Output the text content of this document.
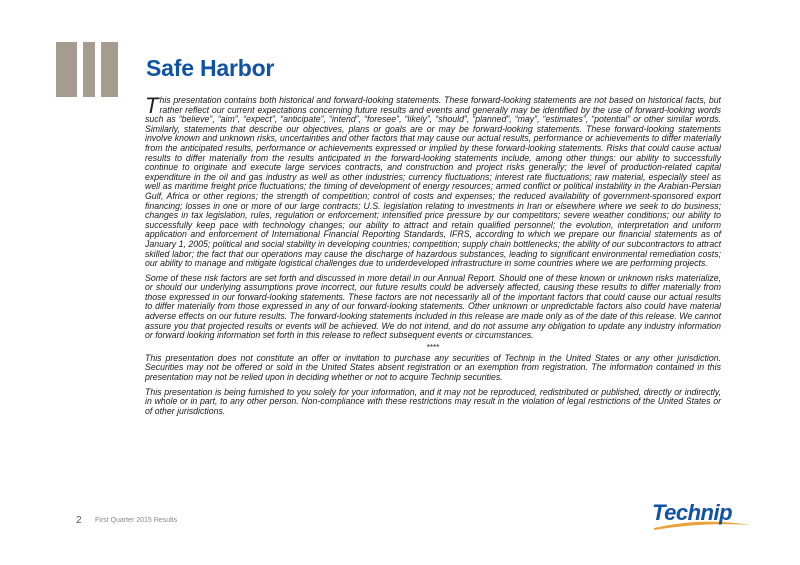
Safe Harbor

This presentation contains both historical and forward-looking statements. These forward-looking statements are not based on historical facts, but rather reflect our current expectations concerning future results and events and generally may be identified by the use of forward-looking words such as “believe”, “aim”, “expect”, “anticipate”, “intend”, “foresee”, “likely”, “should”, “planned”, “may”, “estimates”, “potential” or other similar words. Similarly, statements that describe our objectives, plans or goals are or may be forward-looking statements. These forward-looking statements involve known and unknown risks, uncertainties and other factors that may cause our actual results, performance or achievements to differ materially from the anticipated results, performance or achievements expressed or implied by these forward-looking statements. Risks that could cause actual results to differ materially from the results anticipated in the forward-looking statements include, among other things: our ability to successfully continue to originate and execute large services contracts, and construction and project risks generally; the level of production-related capital expenditure in the oil and gas industry as well as other industries; currency fluctuations; interest rate fluctuations; raw material, especially steel as well as maritime freight price fluctuations; the timing of development of energy resources; armed conflict or political instability in the Arabian-Persian Gulf, Africa or other regions; the strength of competition; control of costs and expenses; the reduced availability of government-sponsored export financing; losses in one or more of our large contracts; U.S. legislation relating to investments in Iran or elsewhere where we seek to do business; changes in tax legislation, rules, regulation or enforcement; intensified price pressure by our competitors; severe weather conditions; our ability to successfully keep pace with technology changes; our ability to attract and retain qualified personnel; the evolution, interpretation and uniform application and enforcement of International Financial Reporting Standards, IFRS, according to which we prepare our financial statements as of January 1, 2005; political and social stability in developing countries; competition; supply chain bottlenecks; the ability of our subcontractors to attract skilled labor; the fact that our operations may cause the discharge of hazardous substances, leading to significant environmental remediation costs; our ability to manage and mitigate logistical challenges due to underdeveloped infrastructure in some countries where we are performing projects.

Some of these risk factors are set forth and discussed in more detail in our Annual Report. Should one of these known or unknown risks materialize, or should our underlying assumptions prove incorrect, our future results could be adversely affected, causing these results to differ materially from those expressed in our forward-looking statements. These factors are not necessarily all of the important factors that could cause our actual results to differ materially from those expressed in any of our forward-looking statements. Other unknown or unpredictable factors also could have material adverse effects on our future results. The forward-looking statements included in this release are made only as of the date of this release. We cannot assure you that projected results or events will be achieved. We do not intend, and do not assume any obligation to update any industry information or forward looking information set forth in this release to reflect subsequent events or circumstances.

****

This presentation does not constitute an offer or invitation to purchase any securities of Technip in the United States or any other jurisdiction. Securities may not be offered or sold in the United States absent registration or an exemption from registration. The information contained in this presentation may not be relied upon in deciding whether or not to acquire Technip securities.

This presentation is being furnished to you solely for your information, and it may not be reproduced, redistributed or published, directly or indirectly, in whole or in part, to any other person. Non-compliance with these restrictions may result in the violation of legal restrictions of the United States or of other jurisdictions.

2 First Quarter 2015 Results	Technip
